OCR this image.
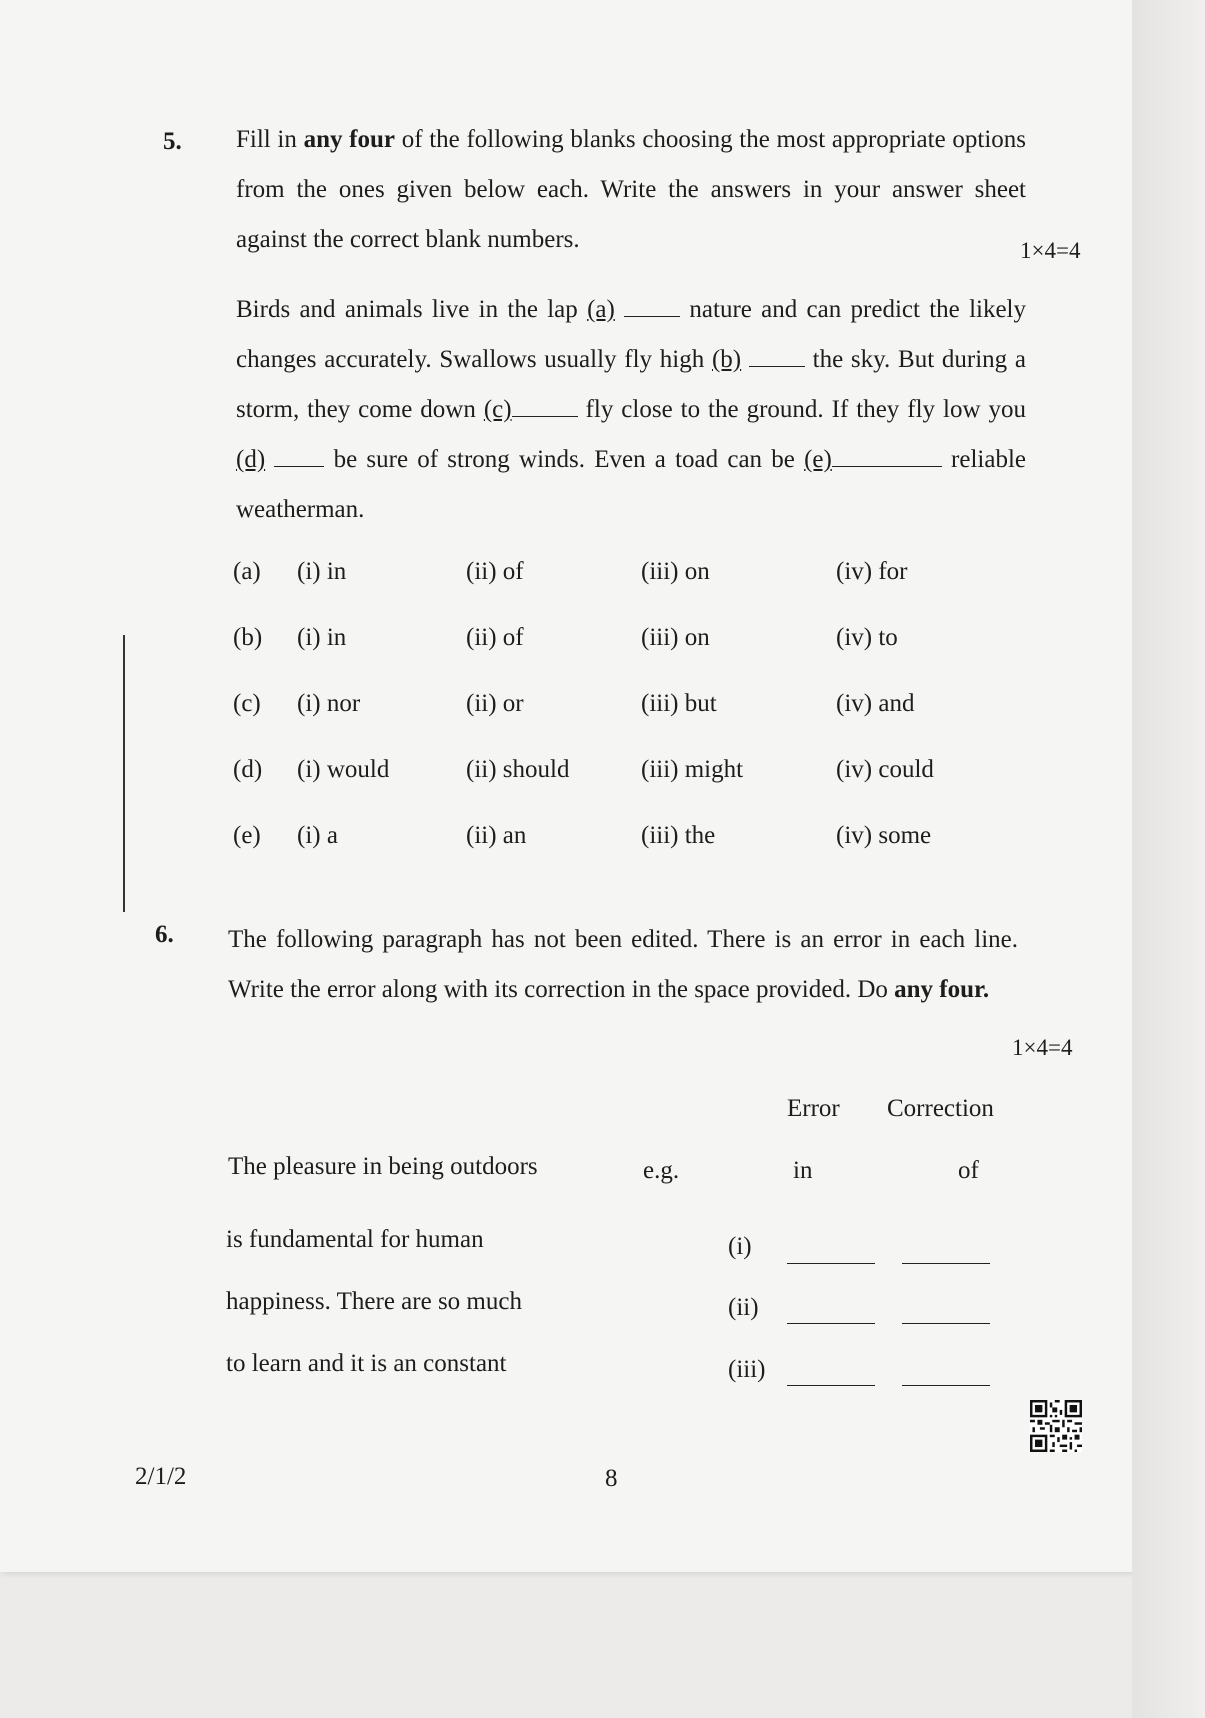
5. Fill in any four of the following blanks choosing the most appropriate options from the ones given below each. Write the answers in your answer sheet against the correct blank numbers.	1×4=4
Birds and animals live in the lap (a)	nature and can predict the likely changes accurately. Swallows usually fly high (b)	the sky. But during a storm, they come down (c)	fly close to the ground. If they fly low you (d)  be sure of strong winds. Even a toad can be (e)	reliable weatherman.
(a) (i) in	(ii) of	(iii) on	(iv) for
(b) (i) in	(ii) of	(iii) on	(iv) to
(c) (i) nor	(ii) or	(iii) but	(iv) and
(d) (i) would	(ii) should	(iii) might	(iv) could
(e) (i) a	(ii) an	(iii) the	(iv) some
6. The following paragraph has not been edited. There is an error in each line. Write the error along with its correction in the space provided. Do any four.
1×4=4
Error Correction
The pleasure in being outdoors	e.g.	in	of
is fundamental for human	(i)
happiness. There are so much	(ii)
to learn and it is an constant	(iii)
2/1/2	8
